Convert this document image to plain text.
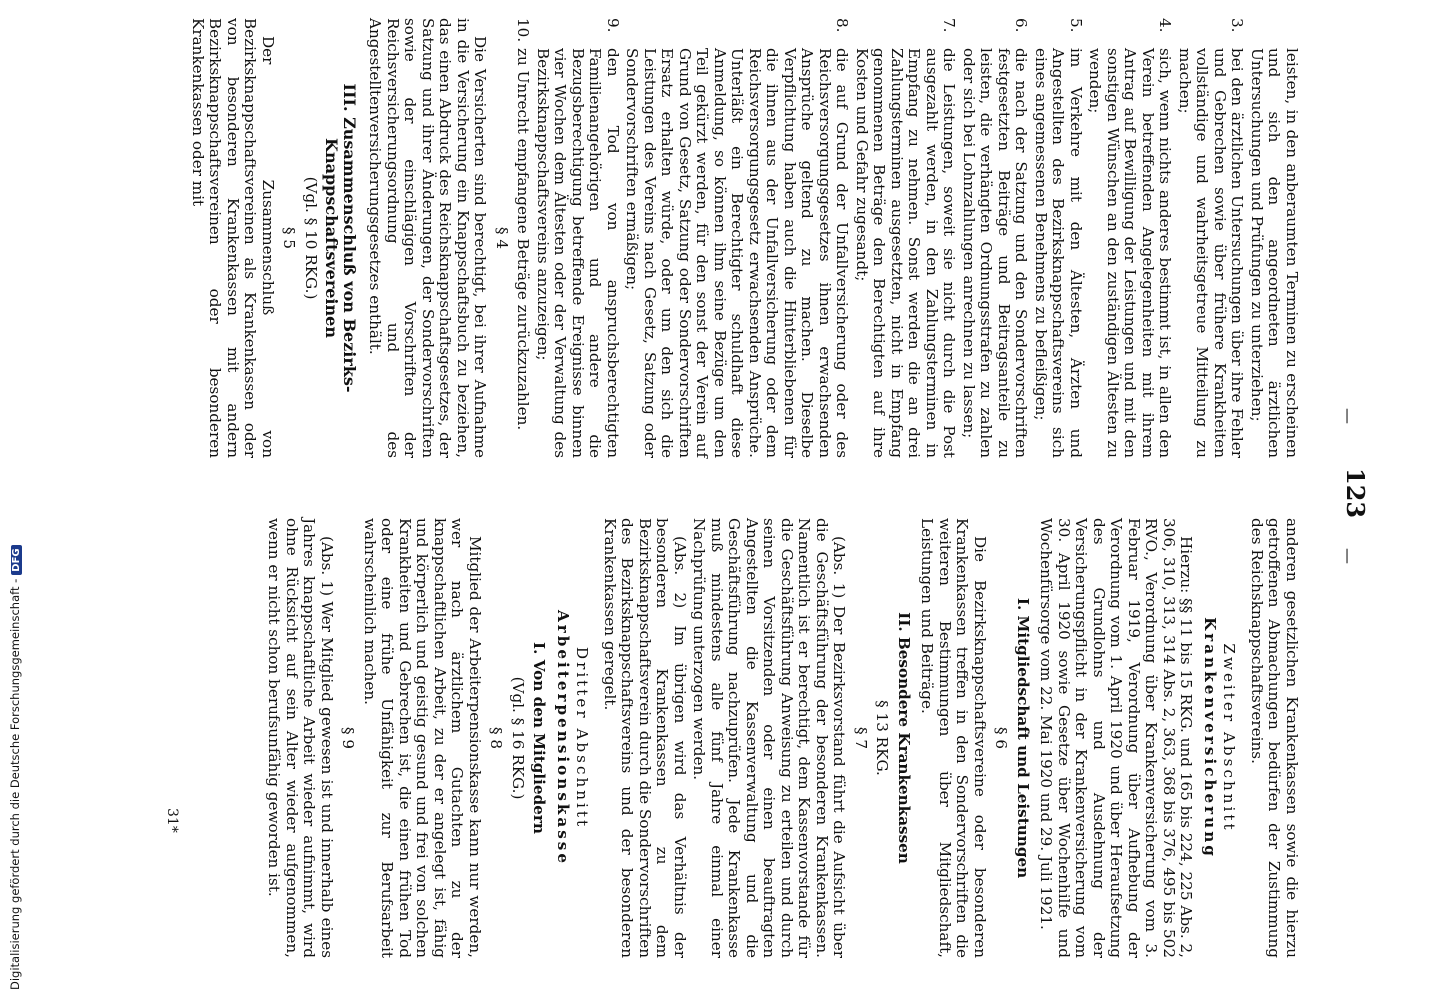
Digitalisierung gefördert durch die Deutsche Forschungsgemeinschaft -DFG
—
123
—

leisten, in den anberaumten Terminen zu erscheinen und sich den angeordneten ärztlichen Untersuchungen und Prüfungen zu unterziehen;

3.
bei den ärztlichen Untersuchungen über ihre Fehler und Gebrechen sowie über frühere Krankheiten vollständige und wahrheitsgetreue Mitteilung zu machen;
4.
sich, wenn nichts anderes bestimmt ist, in allen den Verein betreffenden Angelegenheiten mit ihrem Antrag auf Bewilligung der Leistungen und mit den sonstigen Wünschen an den zuständigen Ältesten zu wenden;
5.
im Verkehre mit den Ältesten, Ärzten und Angestellten des Bezirksknappschaftsvereins sich eines angemessenen Benehmens zu befleißigen;
6.
die nach der Satzung und den Sondervorschriften festgesetzten Beiträge und Beitragsanteile zu leisten, die verhängten Ordnungsstrafen zu zahlen oder sich bei Lohnzahlungen anrechnen zu lassen;
7.
die Leistungen, soweit sie nicht durch die Post ausgezahlt werden, in den Zahlungsterminen in Empfang zu nehmen. Sonst werden die an drei Zahlungsterminen ausgesetzten, nicht in Empfang genommenen Beträge den Berechtigten auf ihre Kosten und Gefahr zugesandt;
8.
die auf Grund der Unfallversicherung oder des Reichsversorgungsgesetzes ihnen erwachsenden Ansprüche geltend zu machen. Dieselbe Verpflichtung haben auch die Hinterbliebenen für die ihnen aus der Unfallversicherung oder dem Reichsversorgungsgesetz erwachsenden Ansprüche. Unterläßt ein Berechtigter schuldhaft diese Anmeldung, so können ihm seine Bezüge um den Teil gekürzt werden, für den sonst der Verein auf Grund von Gesetz, Satzung oder Sondervorschriften Ersatz erhalten würde, oder um den sich die Leistungen des Vereins nach Gesetz, Satzung oder Sondervorschriften ermäßigen;
9.
den Tod von anspruchsberechtigten Familienangehörigen und andere die Bezugsberechtigung betreffende Ereignisse binnen vier Wochen dem Ältesten oder der Verwaltung des Bezirksknappschaftsvereins anzuzeigen;
10.
zu Unrecht empfangene Beträge zurückzuzahlen.
§ 4

Die Versicherten sind berechtigt, bei ihrer Aufnahme in die Versicherung ein Knappschaftsbuch zu beziehen, das einen Abdruck des Reichsknappschaftsgesetzes, der Satzung und ihrer Änderungen, der Sondervorschriften sowie der einschlägigen Vorschriften der Reichsversicherungsordnung und des Angestelltenversicherungsgesetzes enthält.

III. Zusammenschluß von Bezirks-Knappschaftsvereinen
(Vgl. § 10 RKG.)
§ 5

Der Zusammenschluß von Bezirksknappschaftsvereinen als Krankenkassen oder von besonderen Krankenkassen mit andern Bezirksknappschaftsvereinen oder besonderen Krankenkassen oder mit

anderen gesetzlichen Krankenkassen sowie die hierzu getroffenen Abmachungen bedürfen der Zustimmung des Reichsknappschaftsvereins.

Zweiter Abschnitt
Krankenversicherung

Hierzu: §§ 11 bis 15 RKG. und 165 bis 224, 225 Abs. 2, 306, 310, 313, 314 Abs. 2, 363, 368 bis 376, 495 bis 502 RVO., Verordnung über Krankenversicherung vom 3. Februar 1919, Verordnung über Aufhebung der Verordnung vom 1. April 1920 und über Heraufsetzung des Grundlohns und Ausdehnung der Versicherungspflicht in der Krankenversicherung vom 30. April 1920 sowie Gesetze über Wochenhilfe und Wochenfürsorge vom 22. Mai 1920 und 29. Juli 1921.

I. Mitgliedschaft und Leistungen
§ 6

Die Bezirksknappschaftsvereine oder besonderen Krankenkassen treffen in den Sondervorschriften die weiteren Bestimmungen über Mitgliedschaft, Leistungen und Beiträge.

II. Besondere Krankenkassen
§ 13 RKG.
§ 7

(Abs. 1) Der Bezirksvorstand führt die Aufsicht über die Geschäftsführung der besonderen Krankenkassen. Namentlich ist er berechtigt, dem Kassenvorstande für die Geschäftsführung Anweisung zu erteilen und durch seinen Vorsitzenden oder einen beauftragten Angestellten die Kassenverwaltung und die Geschäftsführung nachzuprüfen. Jede Krankenkasse muß mindestens alle fünf Jahre einmal einer Nachprüfung unterzogen werden.

(Abs. 2) Im übrigen wird das Verhältnis der besonderen Krankenkassen zu dem Bezirksknappschaftsverein durch die Sondervorschriften des Bezirksknappschaftsvereins und der besonderen Krankenkassen geregelt.

Dritter Abschnitt
Arbeiterpensionskasse
I. Von den Mitgliedern
(Vgl. § 16 RKG.)
§ 8

Mitglied der Arbeiterpensionskasse kann nur werden, wer nach ärztlichem Gutachten zu der knappschaftlichen Arbeit, zu der er angelegt ist, fähig und körperlich und geistig gesund und frei von solchen Krankheiten und Gebrechen ist, die einen frühen Tod oder eine frühe Unfähigkeit zur Berufsarbeit wahrscheinlich machen.

§ 9

(Abs. 1) Wer Mitglied gewesen ist und innerhalb eines Jahres knappschaftliche Arbeit wieder aufnimmt, wird ohne Rücksicht auf sein Alter wieder aufgenommen, wenn er nicht schon berufsunfähig geworden ist.

31*
